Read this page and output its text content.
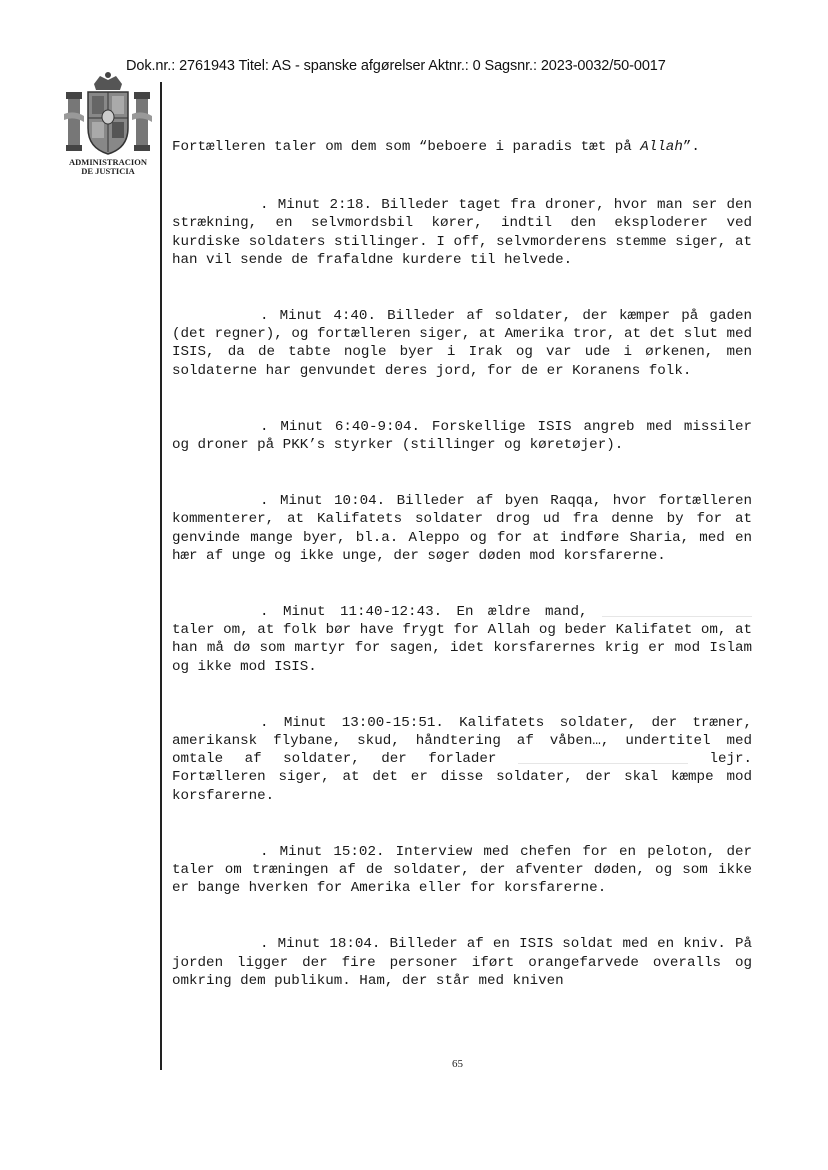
Dok.nr.: 2761943 Titel: AS - spanske afgørelser Aktnr.: 0 Sagsnr.: 2023-0032/50-0017
ADMINISTRACION
DE JUSTICIA

Fortælleren taler om dem som “beboere i paradis tæt på Allah”.

. Minut 2:18. Billeder taget fra droner, hvor man ser den strækning, en selvmordsbil kører, indtil den eksploderer ved kurdiske soldaters stillinger. I off, selvmorderens stemme siger, at han vil sende de frafaldne kurdere til helvede.

. Minut 4:40. Billeder af soldater, der kæmper på gaden (det regner), og fortælleren siger, at Amerika tror, at det slut med ISIS, da de tabte nogle byer i Irak og var ude i ørkenen, men soldaterne har genvundet deres jord, for de er Koranens folk.

. Minut 6:40-9:04. Forskellige ISIS angreb med missiler og droner på PKK’s styrker (stillinger og køretøjer).

. Minut 10:04. Billeder af byen Raqqa, hvor fortælleren kommenterer, at Kalifatets soldater drog ud fra denne by for at genvinde mange byer, bl.a. Aleppo og for at indføre Sharia, med en hær af unge og ikke unge, der søger døden mod korsfarerne.

. Minut 11:40-12:43. En ældre mand,  taler om, at folk bør have frygt for Allah og beder Kalifatet om, at han må dø som martyr for sagen, idet korsfarernes krig er mod Islam og ikke mod ISIS.

. Minut 13:00-15:51. Kalifatets soldater, der træner, amerikansk flybane, skud, håndtering af våben…, undertitel med omtale af soldater, der forlader	lejr. Fortælleren siger, at det er disse soldater, der skal kæmpe mod korsfarerne.

. Minut 15:02. Interview med chefen for en peloton, der taler om træningen af de soldater, der afventer døden, og som ikke er bange hverken for Amerika eller for korsfarerne.

. Minut 18:04. Billeder af en ISIS soldat med en kniv. På jorden ligger der fire personer iført orangefarvede overalls og omkring dem publikum. Ham, der står med kniven

65
